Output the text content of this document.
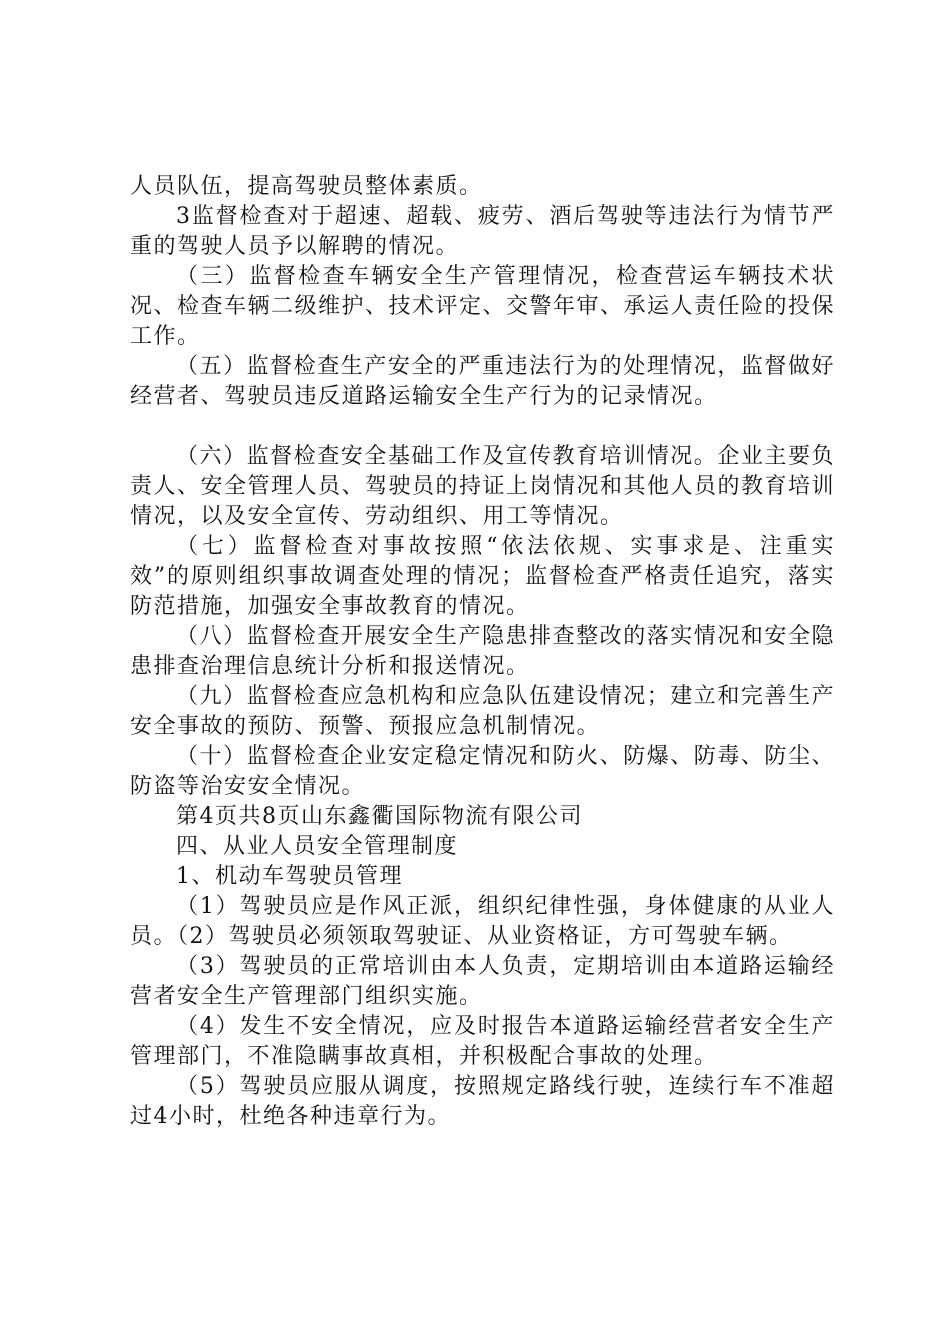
人员队伍，提高驾驶员整体素质。

3监督检查对于超速、超载、疲劳、酒后驾驶等违法行为情节严重的驾驶人员予以解聘的情况。

（三）监督检查车辆安全生产管理情况，检查营运车辆技术状况、检查车辆二级维护、技术评定、交警年审、承运人责任险的投保工作。

（五）监督检查生产安全的严重违法行为的处理情况，监督做好经营者、驾驶员违反道路运输安全生产行为的记录情况。

（六）监督检查安全基础工作及宣传教育培训情况。企业主要负责人、安全管理人员、驾驶员的持证上岗情况和其他人员的教育培训情况，以及安全宣传、劳动组织、用工等情况。

（七）监督检查对事故按照“依法依规、实事求是、注重实效”的原则组织事故调查处理的情况；监督检查严格责任追究，落实防范措施，加强安全事故教育的情况。

（八）监督检查开展安全生产隐患排查整改的落实情况和安全隐患排查治理信息统计分析和报送情况。

（九）监督检查应急机构和应急队伍建设情况；建立和完善生产安全事故的预防、预警、预报应急机制情况。

（十）监督检查企业安定稳定情况和防火、防爆、防毒、防尘、防盗等治安安全情况。

第4页共8页山东鑫衢国际物流有限公司

四、从业人员安全管理制度

1、机动车驾驶员管理

（1）驾驶员应是作风正派，组织纪律性强，身体健康的从业人员。（2）驾驶员必须领取驾驶证、从业资格证，方可驾驶车辆。

（3）驾驶员的正常培训由本人负责，定期培训由本道路运输经营者安全生产管理部门组织实施。

（4）发生不安全情况，应及时报告本道路运输经营者安全生产管理部门，不准隐瞒事故真相，并积极配合事故的处理。

（5）驾驶员应服从调度，按照规定路线行驶，连续行车不准超过4小时，杜绝各种违章行为。
